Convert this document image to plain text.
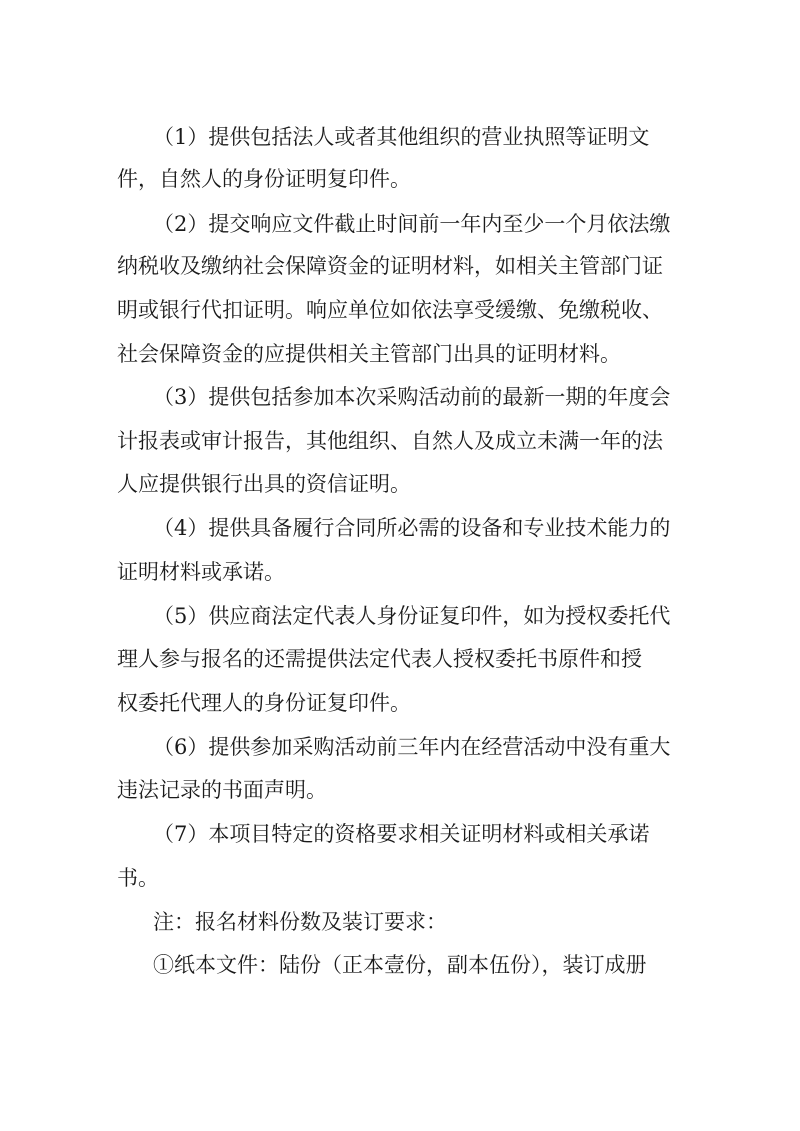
（1）提供包括法人或者其他组织的营业执照等证明文
件，自然人的身份证明复印件。
（2）提交响应文件截止时间前一年内至少一个月依法缴
纳税收及缴纳社会保障资金的证明材料，如相关主管部门证
明或银行代扣证明。响应单位如依法享受缓缴、免缴税收、
社会保障资金的应提供相关主管部门出具的证明材料。
（3）提供包括参加本次采购活动前的最新一期的年度会
计报表或审计报告，其他组织、自然人及成立未满一年的法
人应提供银行出具的资信证明。
（4）提供具备履行合同所必需的设备和专业技术能力的
证明材料或承诺。
（5）供应商法定代表人身份证复印件，如为授权委托代
理人参与报名的还需提供法定代表人授权委托书原件和授
权委托代理人的身份证复印件。
（6）提供参加采购活动前三年内在经营活动中没有重大
违法记录的书面声明。
（7）本项目特定的资格要求相关证明材料或相关承诺
书。
注：报名材料份数及装订要求：
①纸本文件：陆份（正本壹份，副本伍份），装订成册
